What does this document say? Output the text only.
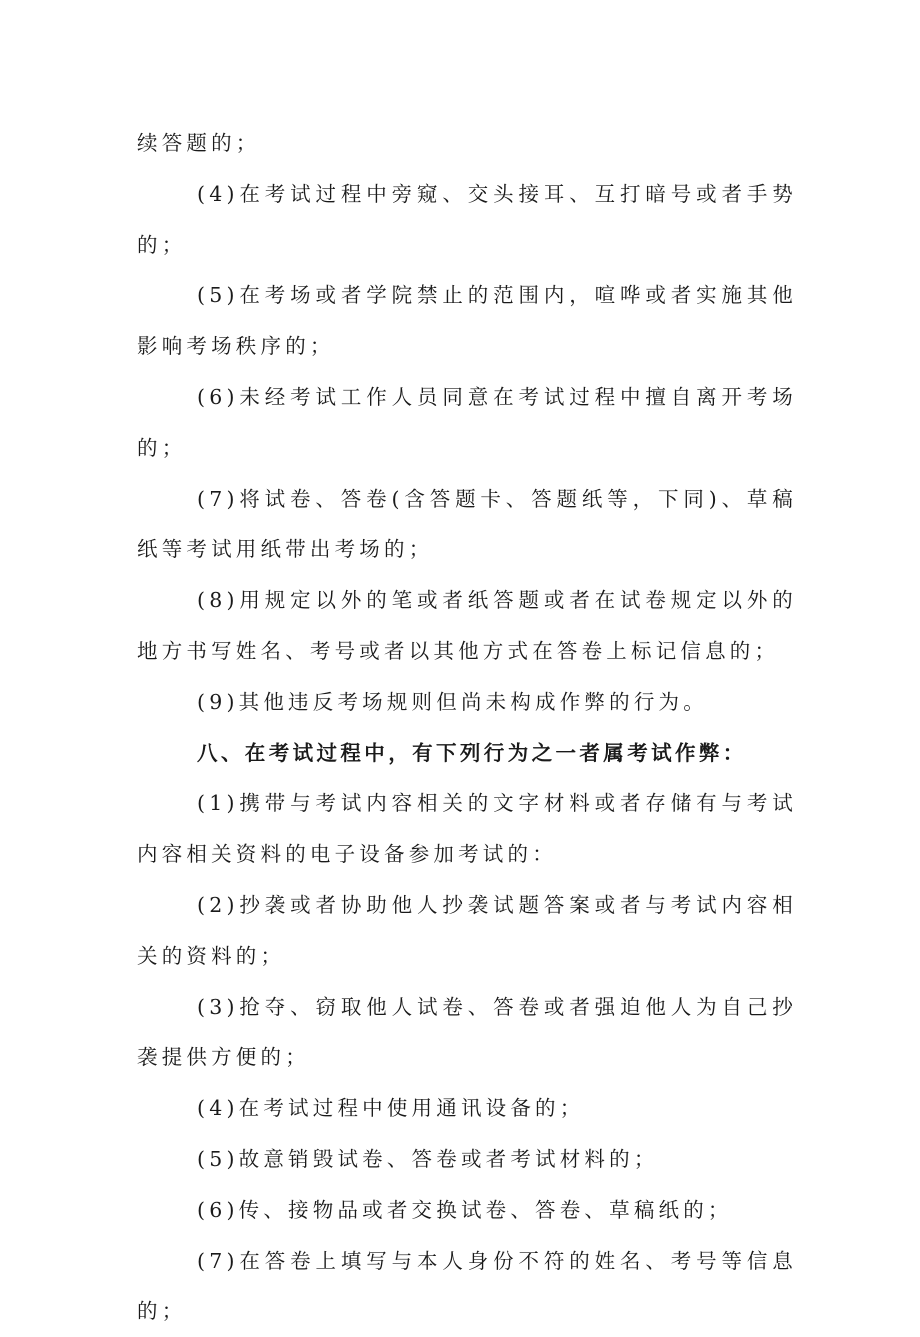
续答题的；

(4)在考试过程中旁窥、交头接耳、互打暗号或者手势的；

(5)在考场或者学院禁止的范围内，喧哗或者实施其他影响考场秩序的；

(6)未经考试工作人员同意在考试过程中擅自离开考场的；

(7)将试卷、答卷(含答题卡、答题纸等，下同)、草稿纸等考试用纸带出考场的；

(8)用规定以外的笔或者纸答题或者在试卷规定以外的地方书写姓名、考号或者以其他方式在答卷上标记信息的；

(9)其他违反考场规则但尚未构成作弊的行为。

八、在考试过程中，有下列行为之一者属考试作弊：

(1)携带与考试内容相关的文字材料或者存储有与考试内容相关资料的电子设备参加考试的：

(2)抄袭或者协助他人抄袭试题答案或者与考试内容相关的资料的；

(3)抢夺、窃取他人试卷、答卷或者强迫他人为自己抄袭提供方便的；

(4)在考试过程中使用通讯设备的；

(5)故意销毁试卷、答卷或者考试材料的；

(6)传、接物品或者交换试卷、答卷、草稿纸的；

(7)在答卷上填写与本人身份不符的姓名、考号等信息的；
